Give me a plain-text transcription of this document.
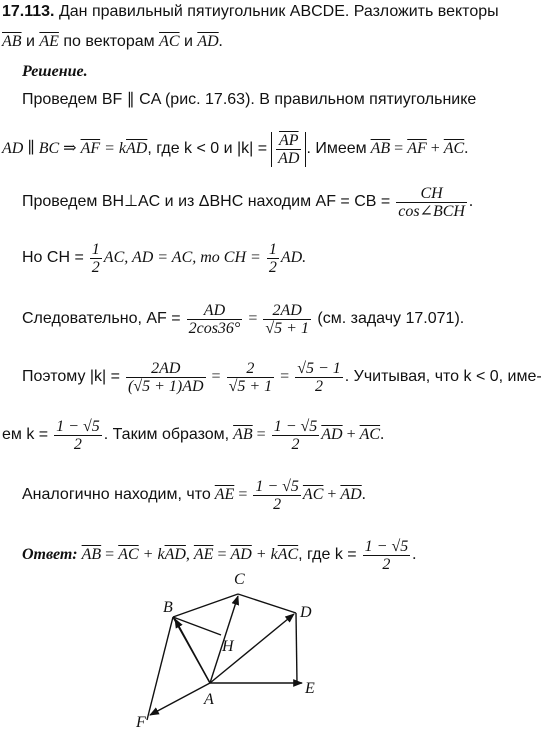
17.113. Дан правильный пятиугольник ABCDE. Разложить векторы
$\overline{AB}$ и $\overline{AE}$ по векторам $\overline{AC}$ и $\overline{AD}$.
Решение.
Проведем BF ∥ CA (рис. 17.63). В правильном пятиугольнике
AD ∥ BC ⇒ $\overline{AF} = k\overline{AD}$, где k < 0 и $|k| = \frac{\overline{AP}}{AD}$ . Имеем $\overline{AB} = \overline{AF} + \overline{AC}$.
Проведем BH⊥AC и из ΔBHC находим AF = CB = $\frac{CH}{\text{cos∠BCH}}$ .
Но CH = $\frac{1}{2}$ AC, AD = AC, то CH = $\frac{1}{2}$ AD.
Следовательно, AF = $\frac{AD}{2\cos 36^\circ} = \frac{2AD}{√5 + 1} (см$. задачу 17.071).
Поэтому $|k| = \frac{2AD}{(√5 + 1)AD} = \frac{2}{√5 + 1} = \frac{√5 - 1}{2}$ . Учитывая, что k < 0, име-
ем $k = \frac{1 - √5}{2}$ . Таким образом, $\overline{AB} = \frac{1 - √5}{2} \overline{AD} + \overline{AC}$.
Аналогично находим, что $\overline{AE} = \frac{1 - √5}{2} \overline{AC} + \overline{AD}$.
Ответ: $\overline{AB} = \overline{AC} + k\overline{AD}$, $\overline{AE} = \overline{AD} + k\overline{AC}$, где $k = \frac{1 - √5}{2}$ .
C
B	D
H
A
E
F
